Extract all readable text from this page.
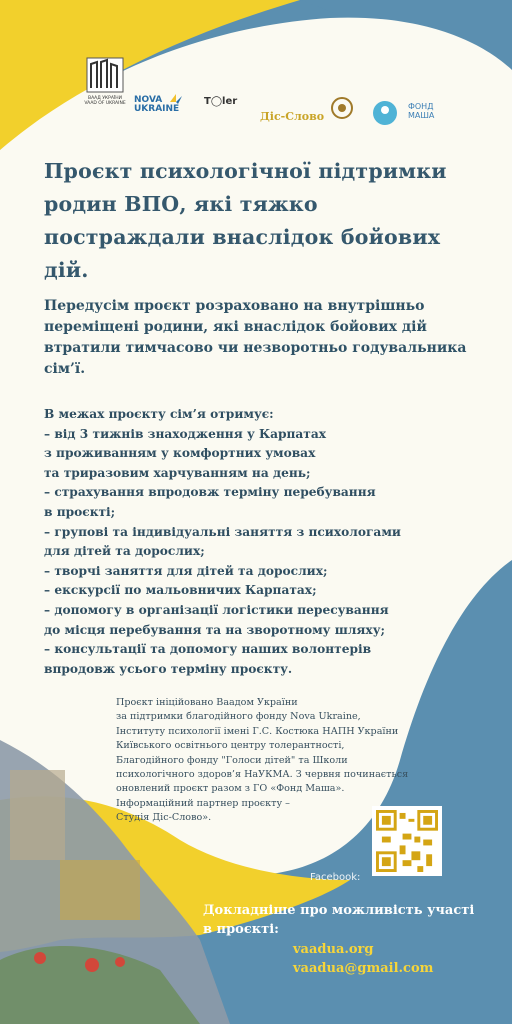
ВААД УКРАЇНИ
VAAD OF UKRAINE NOVA
UKRAINE
T◯ler
Дiс-Слово
ФОНД
МАША
Проєкт психологічної підтримки родин ВПО, які тяжко постраждали внаслідок бойових дій.

Передусім проєкт розраховано на внутрішньо переміщені родини, які внаслідок бойових дій втратили тимчасово чи незворотньо годувальника сім’ї.

В межах проєкту сім’я отримує:
– від 3 тижнів знаходження у Карпатах
з проживанням у комфортних умовах
та триразовим харчуванням на день;
– страхування впродовж терміну перебування
в проєкті;
– групові та індивідуальні заняття з психологами
для дітей та дорослих;
– творчі заняття для дітей та дорослих;
– екскурсії по мальовничих Карпатах;
– допомогу в організації логістики пересування
до місця перебування та на зворотному шляху;
– консультації та допомогу наших волонтерів
впродовж усього терміну проєкту.
Проєкт ініційовано Ваадом України
за підтримки благодійного фонду Nova Ukraine,
Інституту психології імені Г.С. Костюка НАПН України
Київського освітнього центру толерантності,
Благодійного фонду "Голоси дітей" та Школи
психологічного здоров’я НаУКМА. З червня починається
оновлений проєкт разом з ГО «Фонд Маша».
Інформаційний партнер проєкту –
Студія Діс-Слово».
Facebook:
Докладніше про можливість участі
в проєкті:
vaadua.org
vaadua@gmail.com
